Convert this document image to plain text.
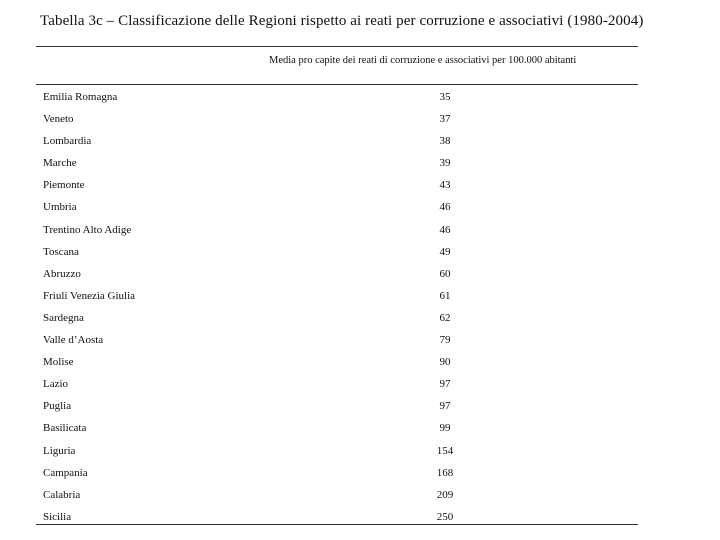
Tabella 3c – Classificazione delle Regioni rispetto ai reati per corruzione e associativi (1980-2004)
Media pro capite dei reati di corruzione e associativi per 100.000 abitanti
Emilia Romagna	35
Veneto	37
Lombardia	38
Marche	39
Piemonte	43
Umbria	46
Trentino Alto Adige	46
Toscana	49
Abruzzo	60
Friuli Venezia Giulia	61
Sardegna	62
Valle d’Aosta	79
Molise	90
Lazio	97
Puglia	97
Basilicata	99
Liguria	154
Campania	168
Calabria	209
Sicilia	250
